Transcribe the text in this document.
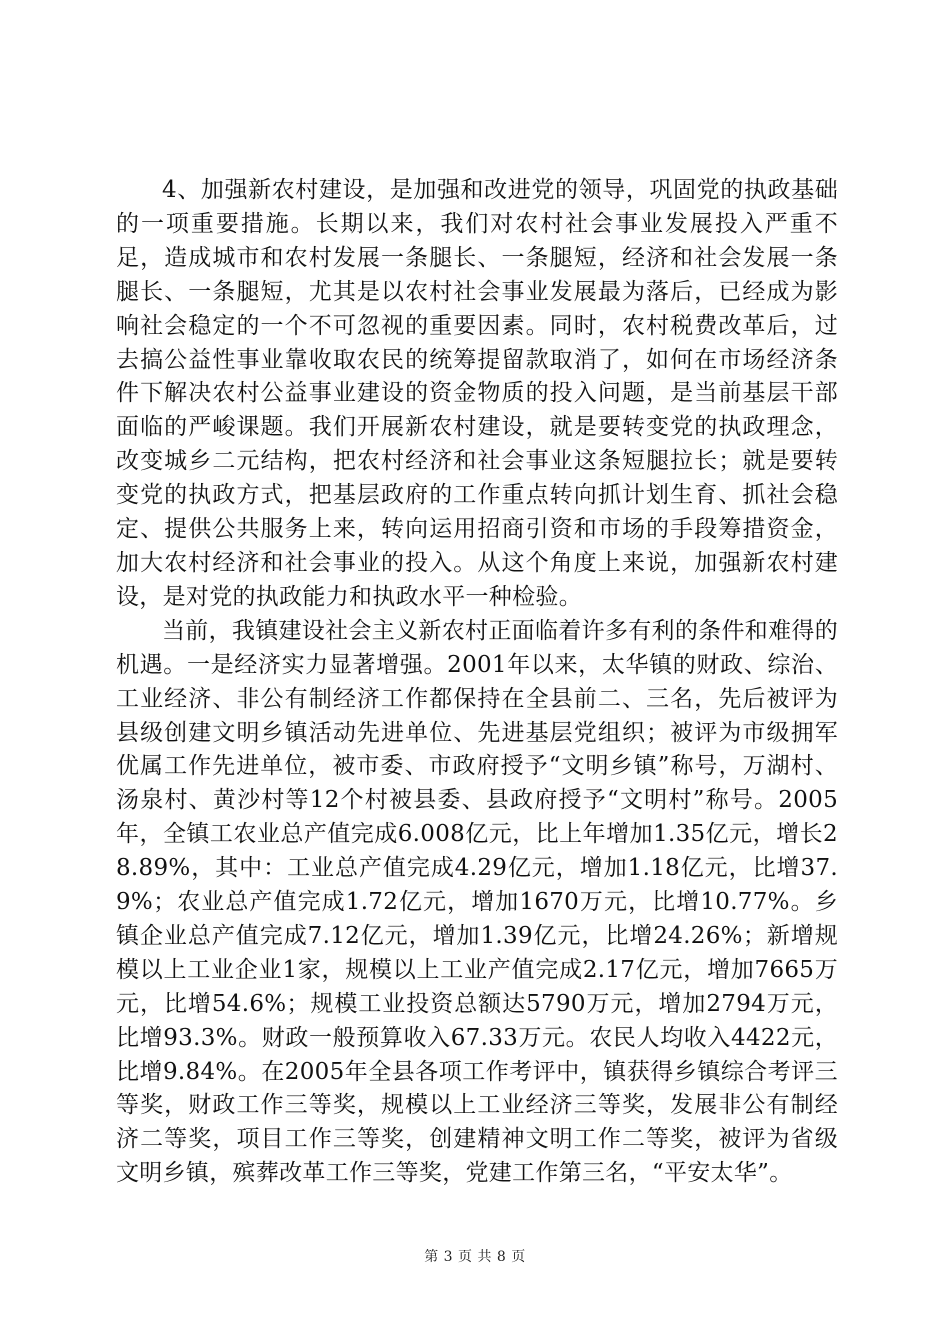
4、加强新农村建设，是加强和改进党的领导，巩固党的执政基础的一项重要措施。长期以来，我们对农村社会事业发展投入严重不足，造成城市和农村发展一条腿长、一条腿短，经济和社会发展一条腿长、一条腿短，尤其是以农村社会事业发展最为落后，已经成为影响社会稳定的一个不可忽视的重要因素。同时，农村税费改革后，过去搞公益性事业靠收取农民的统筹提留款取消了，如何在市场经济条件下解决农村公益事业建设的资金物质的投入问题，是当前基层干部面临的严峻课题。我们开展新农村建设，就是要转变党的执政理念，改变城乡二元结构，把农村经济和社会事业这条短腿拉长；就是要转变党的执政方式，把基层政府的工作重点转向抓计划生育、抓社会稳定、提供公共服务上来，转向运用招商引资和市场的手段筹措资金，加大农村经济和社会事业的投入。从这个角度上来说，加强新农村建设，是对党的执政能力和执政水平一种检验。

当前，我镇建设社会主义新农村正面临着许多有利的条件和难得的机遇。一是经济实力显著增强。2001年以来，太华镇的财政、综治、工业经济、非公有制经济工作都保持在全县前二、三名，先后被评为县级创建文明乡镇活动先进单位、先进基层党组织；被评为市级拥军优属工作先进单位，被市委、市政府授予“文明乡镇”称号，万湖村、汤泉村、黄沙村等12个村被县委、县政府授予“文明村”称号。2005年，全镇工农业总产值完成6.008亿元，比上年增加1.35亿元，增长28.89%，其中：工业总产值完成4.29亿元，增加1.18亿元，比增37.9%；农业总产值完成1.72亿元，增加1670万元，比增10.77%。乡镇企业总产值完成7.12亿元，增加1.39亿元，比增24.26%；新增规模以上工业企业1家，规模以上工业产值完成2.17亿元，增加7665万元，比增54.6%；规模工业投资总额达5790万元，增加2794万元，比增93.3%。财政一般预算收入67.33万元。农民人均收入4422元，比增9.84%。在2005年全县各项工作考评中，镇获得乡镇综合考评三等奖，财政工作三等奖，规模以上工业经济三等奖，发展非公有制经济二等奖，项目工作三等奖，创建精神文明工作二等奖，被评为省级文明乡镇，殡葬改革工作三等奖，党建工作第三名，“平安太华”。

第 3 页 共 8 页
